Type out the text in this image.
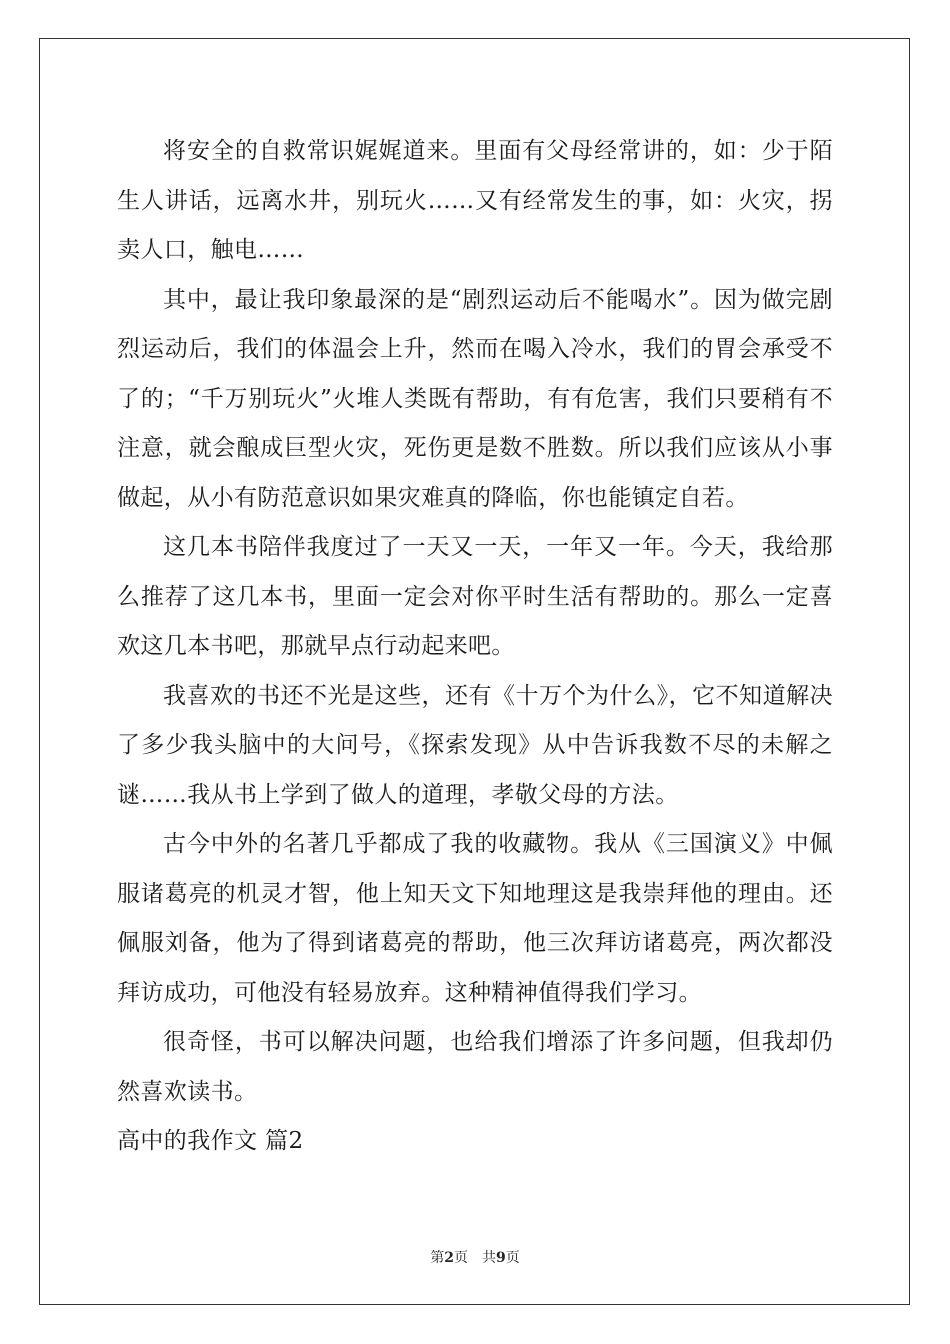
将安全的自救常识娓娓道来。里面有父母经常讲的，如：少于陌生人讲话，远离水井，别玩火……又有经常发生的事，如：火灾，拐卖人口，触电……

其中，最让我印象最深的是“剧烈运动后不能喝水”。因为做完剧烈运动后，我们的体温会上升，然而在喝入冷水，我们的胃会承受不了的；“千万别玩火”火堆人类既有帮助，有有危害，我们只要稍有不注意，就会酿成巨型火灾，死伤更是数不胜数。所以我们应该从小事做起，从小有防范意识如果灾难真的降临，你也能镇定自若。

这几本书陪伴我度过了一天又一天，一年又一年。今天，我给那么推荐了这几本书，里面一定会对你平时生活有帮助的。那么一定喜欢这几本书吧，那就早点行动起来吧。

我喜欢的书还不光是这些，还有《十万个为什么》，它不知道解决了多少我头脑中的大问号，《探索发现》从中告诉我数不尽的未解之谜……我从书上学到了做人的道理，孝敬父母的方法。

古今中外的名著几乎都成了我的收藏物。我从《三国演义》中佩服诸葛亮的机灵才智，他上知天文下知地理这是我崇拜他的理由。还佩服刘备，他为了得到诸葛亮的帮助，他三次拜访诸葛亮，两次都没拜访成功，可他没有轻易放弃。这种精神值得我们学习。

很奇怪，书可以解决问题，也给我们增添了许多问题，但我却仍然喜欢读书。

高中的我作文 篇2

第2页 共9页
